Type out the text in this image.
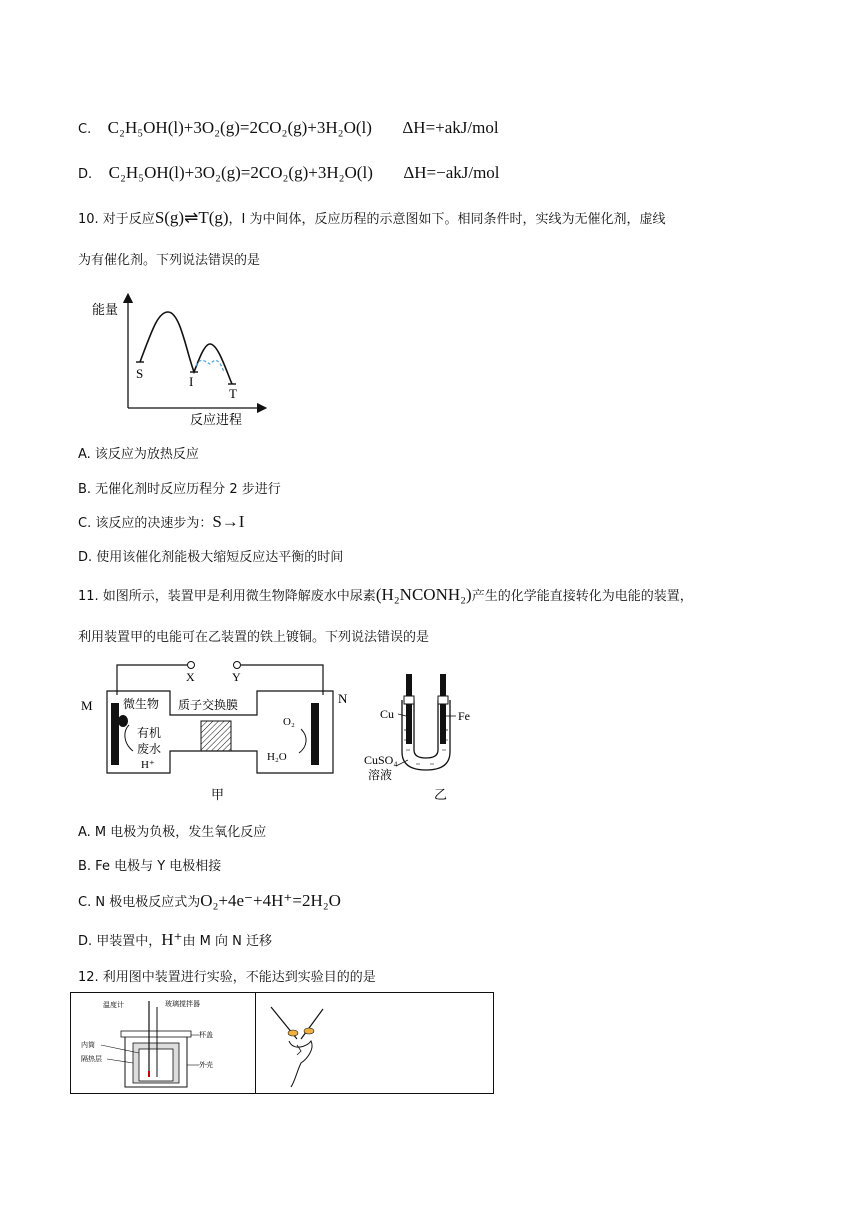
C. C₂H₅OH(l)+3O₂(g)=2CO₂(g)+3H₂O(l) ΔH=+akJ/mol
D. C₂H₅OH(l)+3O₂(g)=2CO₂(g)+3H₂O(l) ΔH=−akJ/mol
10. 对于反应S(g)⇌T(g)，I 为中间体，反应历程的示意图如下。相同条件时，实线为无催化剂，虚线
为有催化剂。下列说法错误的是
能量
反应进程
S
I
T
A. 该反应为放热反应
B. 无催化剂时反应历程分 2 步进行
C. 该反应的决速步为：S→I
D. 使用该催化剂能极大缩短反应达平衡的时间
11. 如图所示，装置甲是利用微生物降解废水中尿素(H₂NCONH₂)产生的化学能直接转化为电能的装置，
利用装置甲的电能可在乙装置的铁上镀铜。下列说法错误的是
X	Y
M	N
微生物
有机
废水
H⁺
质子交换膜
O₂
H₂O
甲
Cu	Fe
CuSO₄
溶液
乙
A. M 电极为负极，发生氧化反应
B. Fe 电极与 Y 电极相接
C. N 极电极反应式为O₂+4e⁻+4H⁺=2H₂O
D. 甲装置中，H⁺由 M 向 N 迁移
12. 利用图中装置进行实验，不能达到实验目的的是
温度计	玻璃搅拌器
杯盖
内筒
隔热层
外壳
